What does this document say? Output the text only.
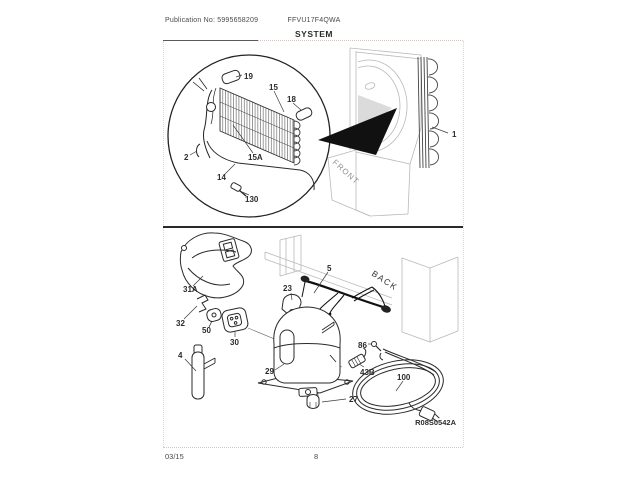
Publication No: 5995658209	FFVU17F4QWA
SYSTEM
03/15	8
FRONT
1
19
15
18
2	15A
14
130
BACK
31A
32
50
30
4
23
5
29
27
86
43B
100
R08S0542A
